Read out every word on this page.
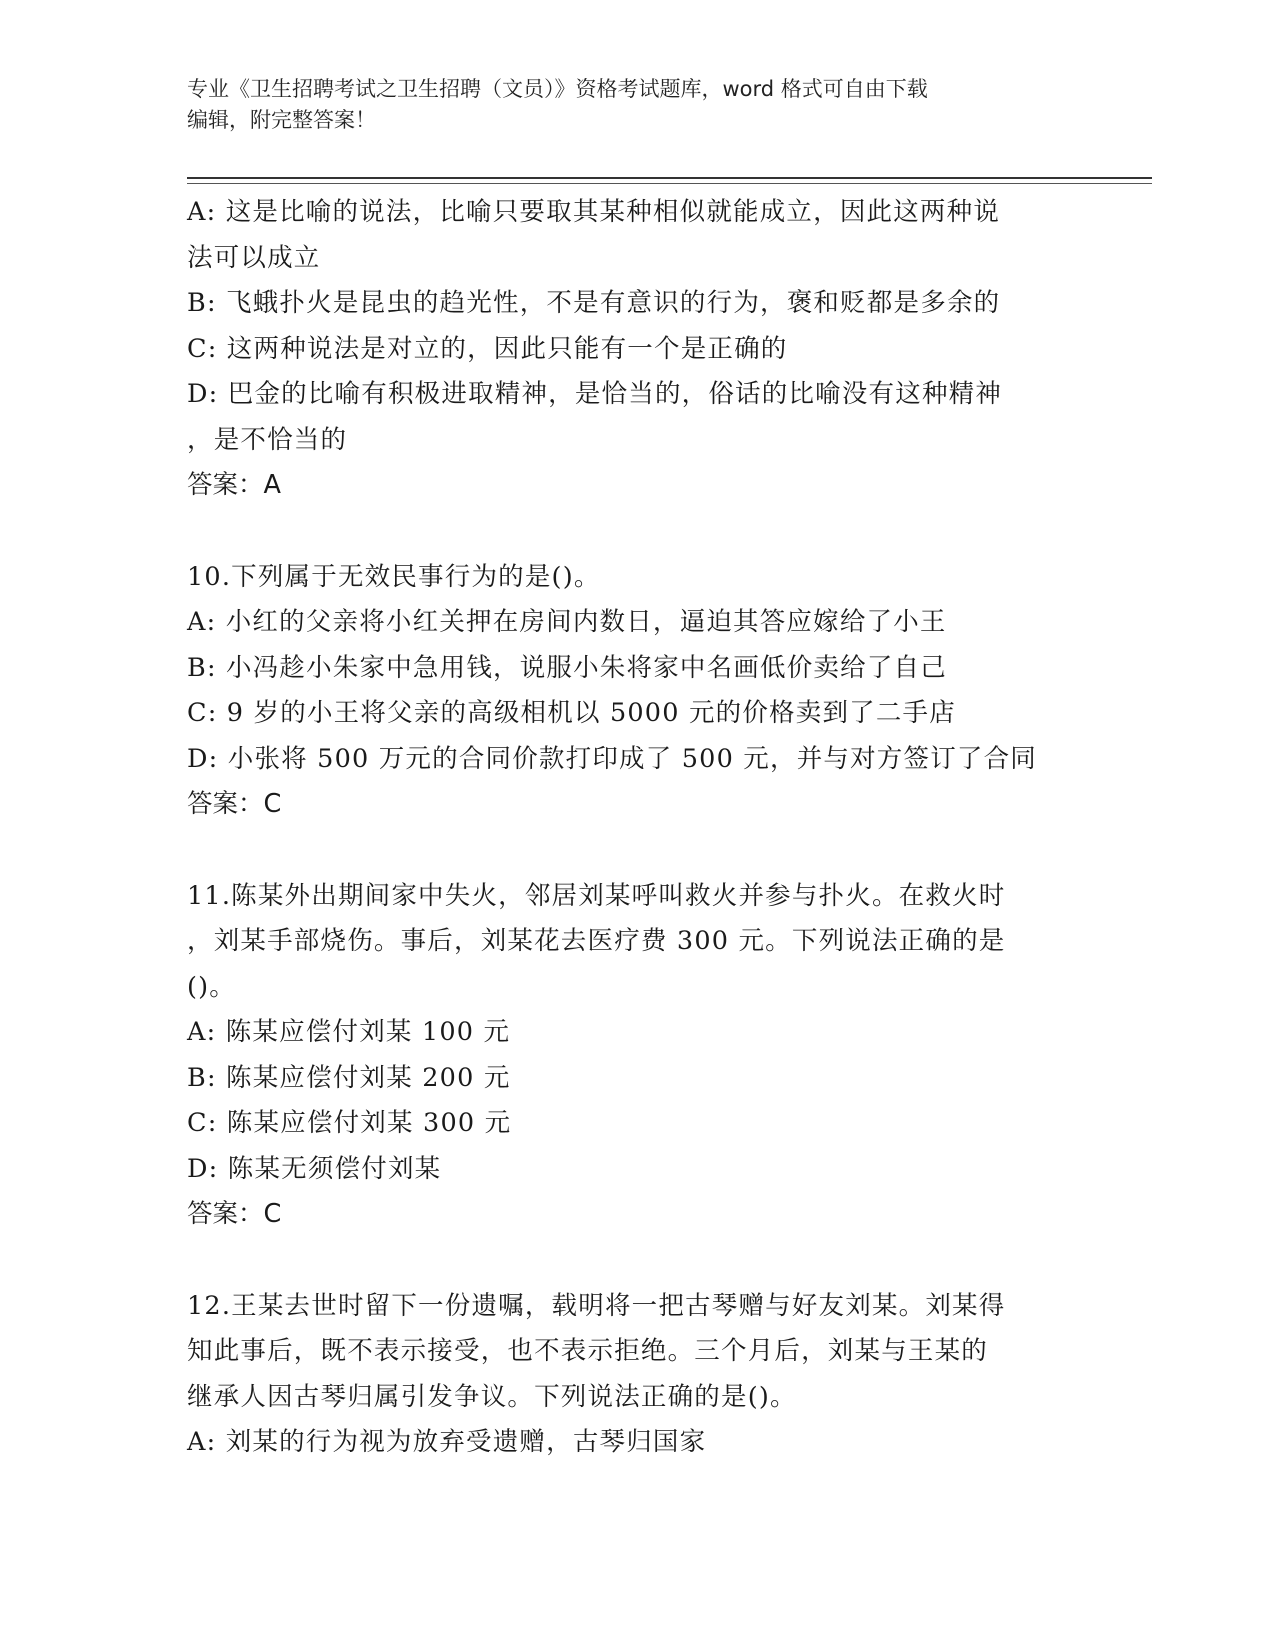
专业《卫生招聘考试之卫生招聘（文员）》资格考试题库，word 格式可自由下载
编辑，附完整答案！
A: 这是比喻的说法，比喻只要取其某种相似就能成立，因此这两种说
法可以成立
B: 飞蛾扑火是昆虫的趋光性，不是有意识的行为，褒和贬都是多余的
C: 这两种说法是对立的，因此只能有一个是正确的
D: 巴金的比喻有积极进取精神，是恰当的，俗话的比喻没有这种精神
，是不恰当的
答案：A
10.下列属于无效民事行为的是()。
A: 小红的父亲将小红关押在房间内数日，逼迫其答应嫁给了小王
B: 小冯趁小朱家中急用钱，说服小朱将家中名画低价卖给了自己
C: 9 岁的小王将父亲的高级相机以 5000 元的价格卖到了二手店
D: 小张将 500 万元的合同价款打印成了 500 元，并与对方签订了合同
答案：C
11.陈某外出期间家中失火，邻居刘某呼叫救火并参与扑火。在救火时
，刘某手部烧伤。事后，刘某花去医疗费 300 元。下列说法正确的是
()。
A: 陈某应偿付刘某 100 元
B: 陈某应偿付刘某 200 元
C: 陈某应偿付刘某 300 元
D: 陈某无须偿付刘某
答案：C
12.王某去世时留下一份遗嘱，载明将一把古琴赠与好友刘某。刘某得
知此事后，既不表示接受，也不表示拒绝。三个月后，刘某与王某的
继承人因古琴归属引发争议。下列说法正确的是()。
A: 刘某的行为视为放弃受遗赠，古琴归国家
